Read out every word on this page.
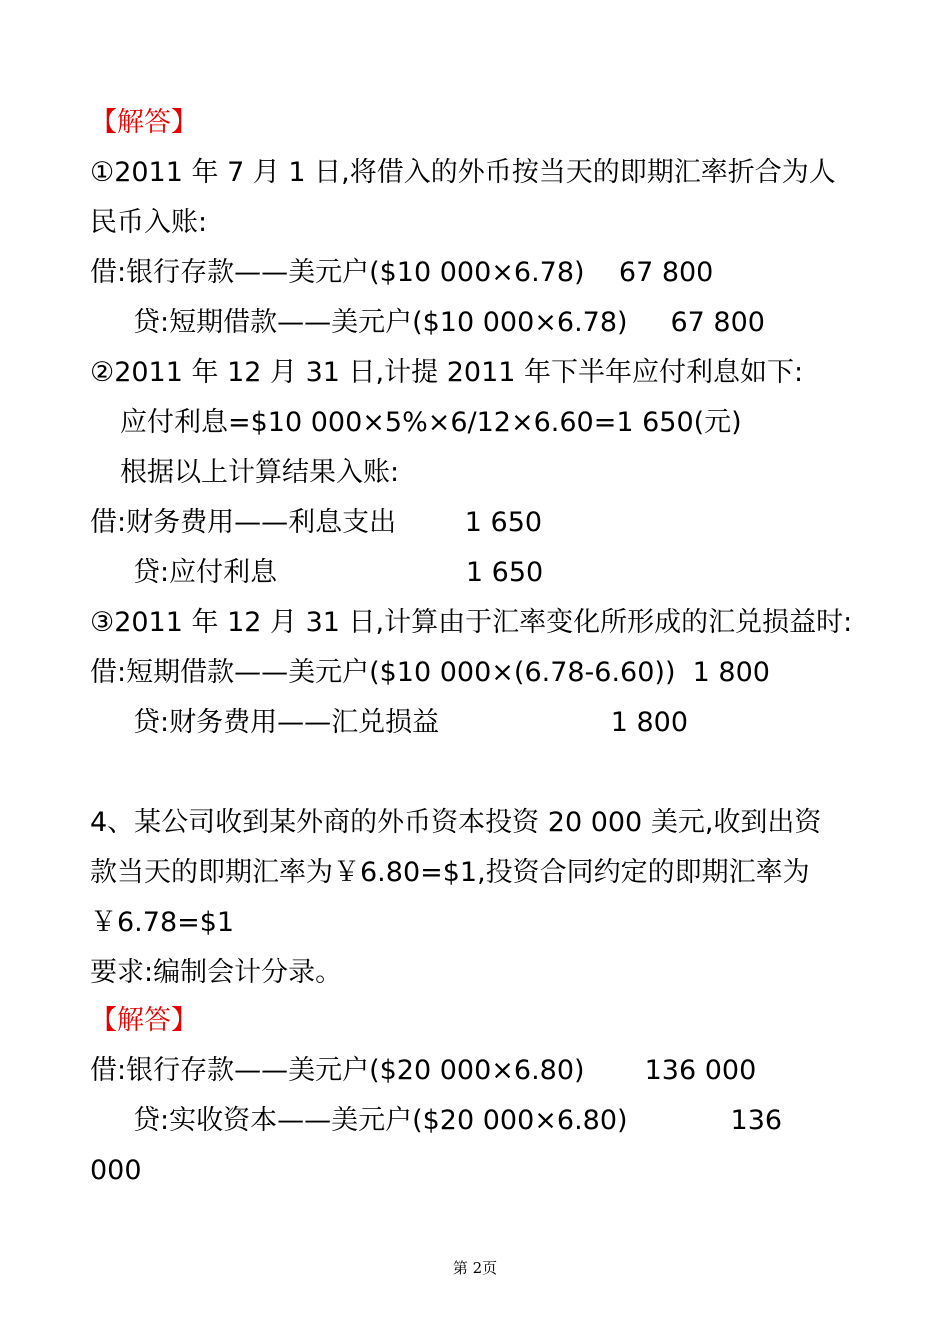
【解答】
①2011 年 7 月 1 日,将借入的外币按当天的即期汇率折合为人
民币入账:
借:银行存款——美元户($10 000×6.78)    67 800
贷:短期借款——美元户($10 000×6.78)     67 800
②2011 年 12 月 31 日,计提 2011 年下半年应付利息如下:
应付利息=$10 000×5%×6/12×6.60=1 650(元)
根据以上计算结果入账:
借:财务费用——利息支出        1 650
贷:应付利息                      1 650
③2011 年 12 月 31 日,计算由于汇率变化所形成的汇兑损益时:
借:短期借款——美元户($10 000×(6.78-6.60))  1 800
贷:财务费用——汇兑损益                    1 800
4、某公司收到某外商的外币资本投资 20 000 美元,收到出资
款当天的即期汇率为￥6.80=$1,投资合同约定的即期汇率为
￥6.78=$1
要求:编制会计分录。
【解答】
借:银行存款——美元户($20 000×6.80)       136 000
贷:实收资本——美元户($20 000×6.80)            136
000
第 2页
